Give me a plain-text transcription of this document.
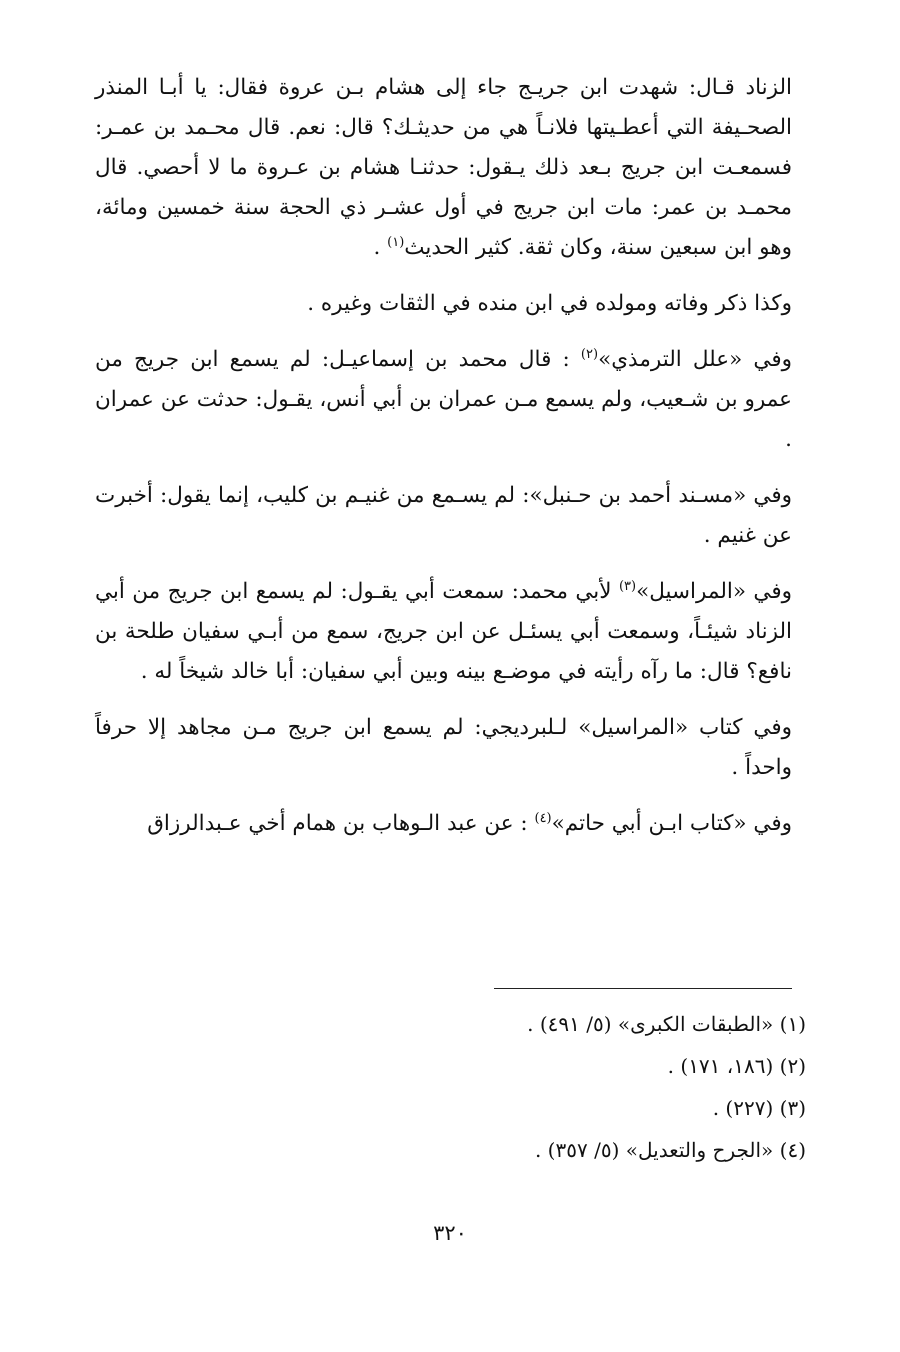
الزناد قـال: شهدت ابن جريـج جاء إلى هشام بـن عروة فقال: يا أبـا المنذر الصحـيفة التي أعطـيتها فلانـاً هي من حديثـك؟ قال: نعم. قال محـمد بن عمـر: فسمعـت ابن جريج بـعد ذلك يـقول: حدثنـا هشام بن عـروة ما لا أحصي. قال محمـد بن عمر: مات ابن جريج في أول عشـر ذي الحجة سنة خمسين ومائة، وهو ابن سبعين سنة، وكان ثقة. كثير الحديث$^{(١)}$ .

وكذا ذكر وفاته ومولده في ابن منده في الثقات وغيره .

وفي «علل الترمذي»$^{(٢)}$ : قال محمد بن إسماعيـل: لم يسمع ابن جريج من عمرو بن شـعيب، ولم يسمع مـن عمران بن أبي أنس، يقـول: حدثت عن عمران .

وفي «مسـند أحمد بن حـنبل»: لم يسـمع من غنيـم بن كليب، إنما يقول: أخبرت عن غنيم .

وفي «المراسيل»$^{(٣)}$ لأبي محمد: سمعت أبي يقـول: لم يسمع ابن جريج من أبي الزناد شيئـاً، وسمعت أبي يسئـل عن ابن جريج، سمع من أبـي سفيان طلحة بن نافع؟ قال: ما رآه رأيته في موضـع بينه وبين أبي سفيان: أبا خالد شيخاً له .

وفي كتاب «المراسيل» لـلبرديجي: لم يسمع ابن جريج مـن مجاهد إلا حرفاً واحداً .

وفي «كتاب ابـن أبي حاتم»$^{(٤)}$ : عن عبد الـوهاب بن همام أخي عـبدالرزاق

(١) «الطبقات الكبرى» (٥/ ٤٩١) .

(٢) (١٨٦، ١٧١) .

(٣) (٢٢٧) .

(٤) «الجرح والتعديل» (٥/ ٣٥٧) .

٣٢٠
